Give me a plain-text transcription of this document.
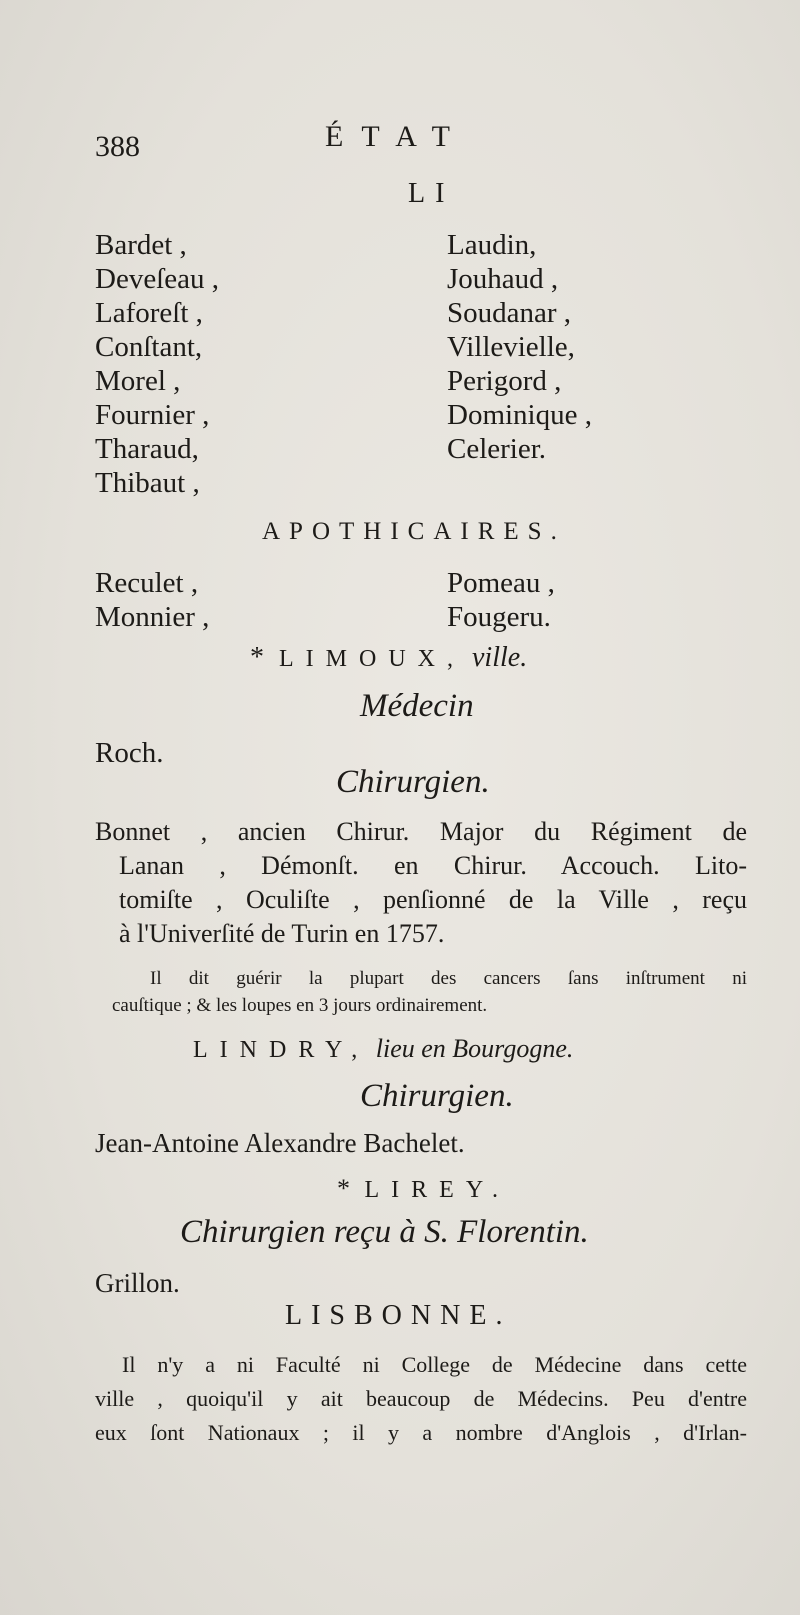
388	ÉTAT
LI
Bardet ,
Deveſeau ,
Laforeſt ,
Conſtant,
Morel ,
Fournier ,
Tharaud,
Thibaut ,
Laudin,
Jouhaud ,
Soudanar ,
Villevielle,
Perigord ,
Dominique ,
Celerier.
APOTHICAIRES.
Reculet ,
Monnier ,
Pomeau ,
Fougeru.
* LIMOUX, ville.
Médecin
Roch.
Chirurgien.
Bonnet , ancien Chirur. Major du Régiment de
Lanan , Démonſt. en Chirur. Accouch. Lito-
tomiſte , Oculiſte , penſionné de la Ville , reçu
à l'Univerſité de Turin en 1757.
Il dit guérir la plupart des cancers ſans inſtrument ni
cauſtique ; & les loupes en 3 jours ordinairement.
LINDRY, lieu en Bourgogne.
Chirurgien.
Jean-Antoine Alexandre Bachelet.
* LIREY.
Chirurgien reçu à S. Florentin.
Grillon.
LISBONNE.
Il n'y a ni Faculté ni College de Médecine dans cette
ville , quoiqu'il y ait beaucoup de Médecins. Peu d'entre
eux ſont Nationaux ; il y a nombre d'Anglois , d'Irlan-
